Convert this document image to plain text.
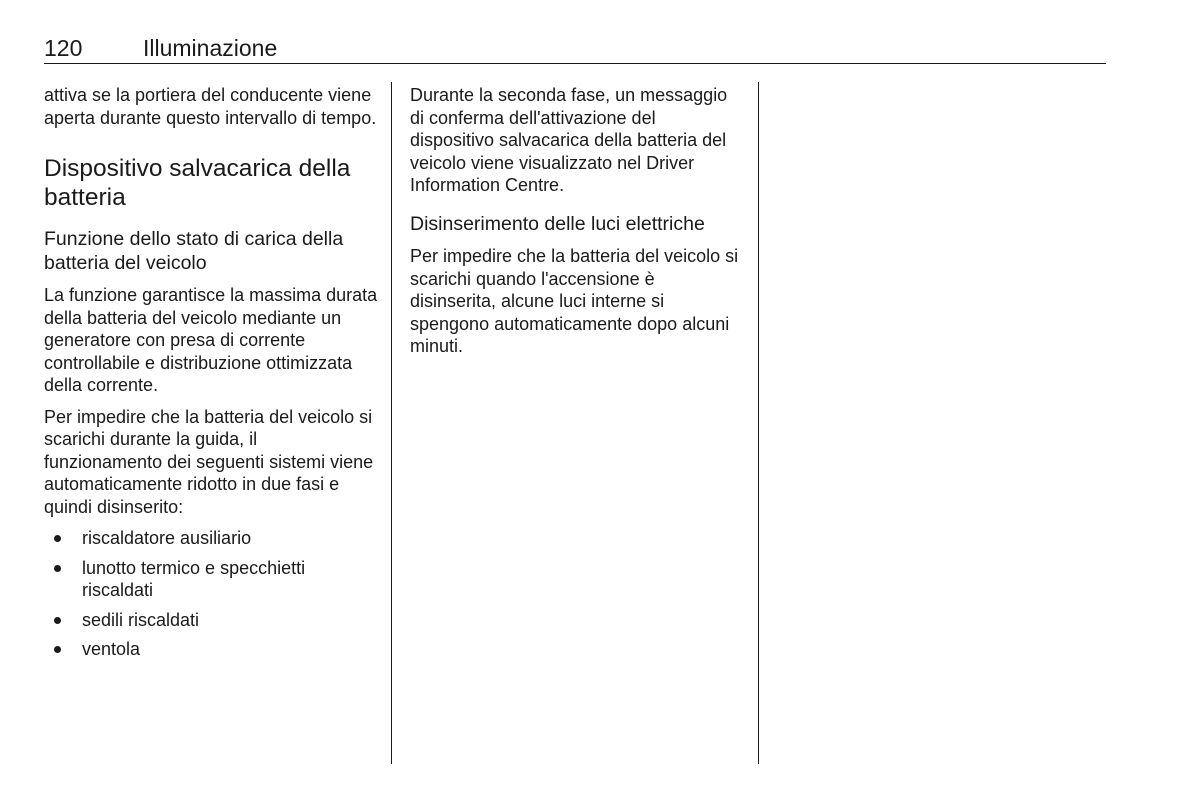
120	Illuminazione

attiva se la portiera del conducente viene aperta durante questo intervallo di tempo.

Dispositivo salvacarica della batteria
Funzione dello stato di carica della batteria del veicolo

La funzione garantisce la massima durata della batteria del veicolo mediante un generatore con presa di corrente controllabile e distribuzione ottimizzata della corrente.

Per impedire che la batteria del veicolo si scarichi durante la guida, il funzionamento dei seguenti sistemi viene automaticamente ridotto in due fasi e quindi disinserito:

riscaldatore ausiliario
lunotto termico e specchietti riscaldati
sedili riscaldati
ventola

Durante la seconda fase, un messaggio di conferma dell'attivazione del dispositivo salvacarica della batteria del veicolo viene visualizzato nel Driver Information Centre.

Disinserimento delle luci elettriche

Per impedire che la batteria del veicolo si scarichi quando l'accensione è disinserita, alcune luci interne si spengono automaticamente dopo alcuni minuti.
